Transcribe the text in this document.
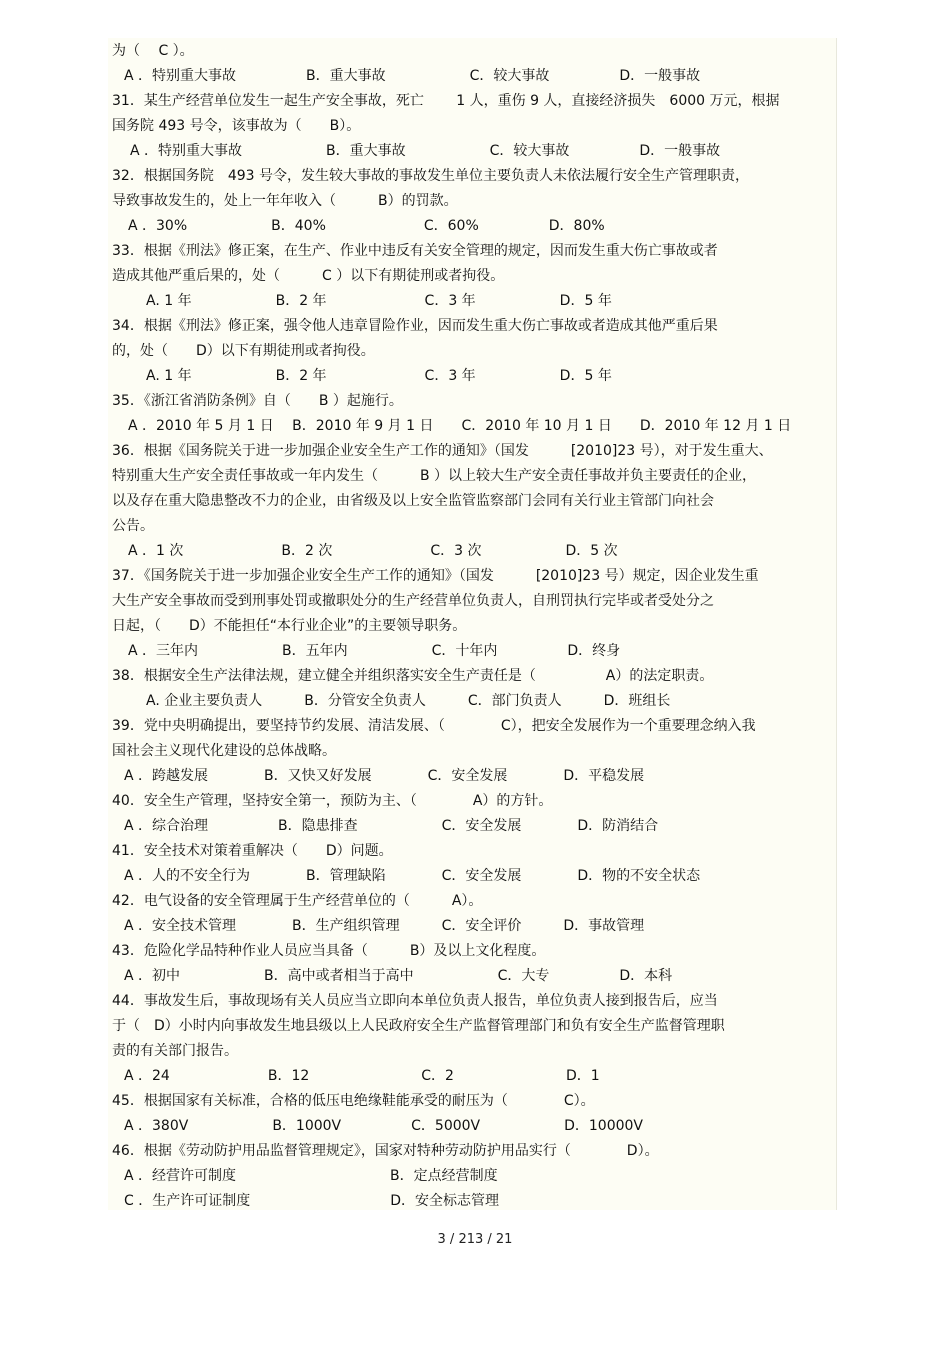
为（　 C ）。
A ．特别重大事故　　　　　B．重大事故　　　　　　C．较大事故　　　　　D．一般事故
31．某生产经营单位发生一起生产安全事故，死亡　　 1 人，重伤 9 人，直接经济损失　6000 万元，根据
国务院 493 号令，该事故为（　　B）。
A ．特别重大事故　　　　　　B．重大事故　　　　　　C．较大事故　　　　　D．一般事故
32．根据国务院　493 号令，发生较大事故的事故发生单位主要负责人未依法履行安全生产管理职责，
导致事故发生的，处上一年年收入（　　　B）的罚款。
A ．30%　　　　　　B．40%　　　　　　　C．60%　　　　　D．80%
33．根据《刑法》修正案，在生产、作业中违反有关安全管理的规定，因而发生重大伤亡事故或者
造成其他严重后果的，处（　　　C ）以下有期徒刑或者拘役。
A. 1 年　　　　　　B．2 年　　　　　　　C．3 年　　　　　　D．5 年
34．根据《刑法》修正案，强令他人违章冒险作业，因而发生重大伤亡事故或者造成其他严重后果
的，处（　　D）以下有期徒刑或者拘役。
A. 1 年　　　　　　B．2 年　　　　　　　C．3 年　　　　　　D．5 年
35．《浙江省消防条例》自（　　B ）起施行。
A ．2010 年 5 月 1 日　 B．2010 年 9 月 1 日　　C．2010 年 10 月 1 日　　D．2010 年 12 月 1 日
36．根据《国务院关于进一步加强企业安全生产工作的通知》（国发　　　[2010]23 号），对于发生重大、
特别重大生产安全责任事故或一年内发生（　　　B ）以上较大生产安全责任事故并负主要责任的企业，
以及存在重大隐患整改不力的企业，由省级及以上安全监管监察部门会同有关行业主管部门向社会
公告。
A ．1 次　　　　　　　B．2 次　　　　　　　C．3 次　　　　　　D．5 次
37．《国务院关于进一步加强企业安全生产工作的通知》（国发　　　[2010]23 号）规定，因企业发生重
大生产安全事故而受到刑事处罚或撤职处分的生产经营单位负责人，自刑罚执行完毕或者受处分之
日起，（　　D）不能担任“本行业企业”的主要领导职务。
A ．三年内　　　　　　B．五年内　　　　　　C．十年内　　　　　D．终身
38．根据安全生产法律法规，建立健全并组织落实安全生产责任是（　　　　　A）的法定职责。
A. 企业主要负责人　　　B．分管安全负责人　　　C．部门负责人　　　D．班组长
39．党中央明确提出，要坚持节约发展、清洁发展、（　　　　C），把安全发展作为一个重要理念纳入我
国社会主义现代化建设的总体战略。
A ．跨越发展　　　　B．又快又好发展　　　　C．安全发展　　　　D．平稳发展
40．安全生产管理，坚持安全第一，预防为主、（　　　　A）的方针。
A ．综合治理　　　　　B．隐患排查　　　　　　C．安全发展　　　　D．防消结合
41．安全技术对策着重解决（　　D）问题。
A ．人的不安全行为　　　　B．管理缺陷　　　　C．安全发展　　　　D．物的不安全状态
42．电气设备的安全管理属于生产经营单位的（　　　A）。
A ．安全技术管理　　　　B．生产组织管理　　　C．安全评价　　　D．事故管理
43．危险化学品特种作业人员应当具备（　　　B）及以上文化程度。
A ．初中　　　　　　B．高中或者相当于高中　　　　　　C．大专　　　　　D．本科
44．事故发生后，事故现场有关人员应当立即向本单位负责人报告，单位负责人接到报告后，应当
于（　D）小时内向事故发生地县级以上人民政府安全生产监督管理部门和负有安全生产监督管理职
责的有关部门报告。
A ．24　　　　　　　B．12　　　　　　　　C．2　　　　　　　　D．1
45．根据国家有关标准，合格的低压电绝缘鞋能承受的耐压为（　　　　C）。
A ．380V　　　　　　B．1000V　　　　　C．5000V　　　　　　D．10000V
46．根据《劳动防护用品监督管理规定》，国家对特种劳动防护用品实行（　　　　D）。
A ．经营许可制度　　　　　　　　　　　B．定点经营制度
C ．生产许可证制度　　　　　　　　　　D．安全标志管理
3 / 213 / 21
